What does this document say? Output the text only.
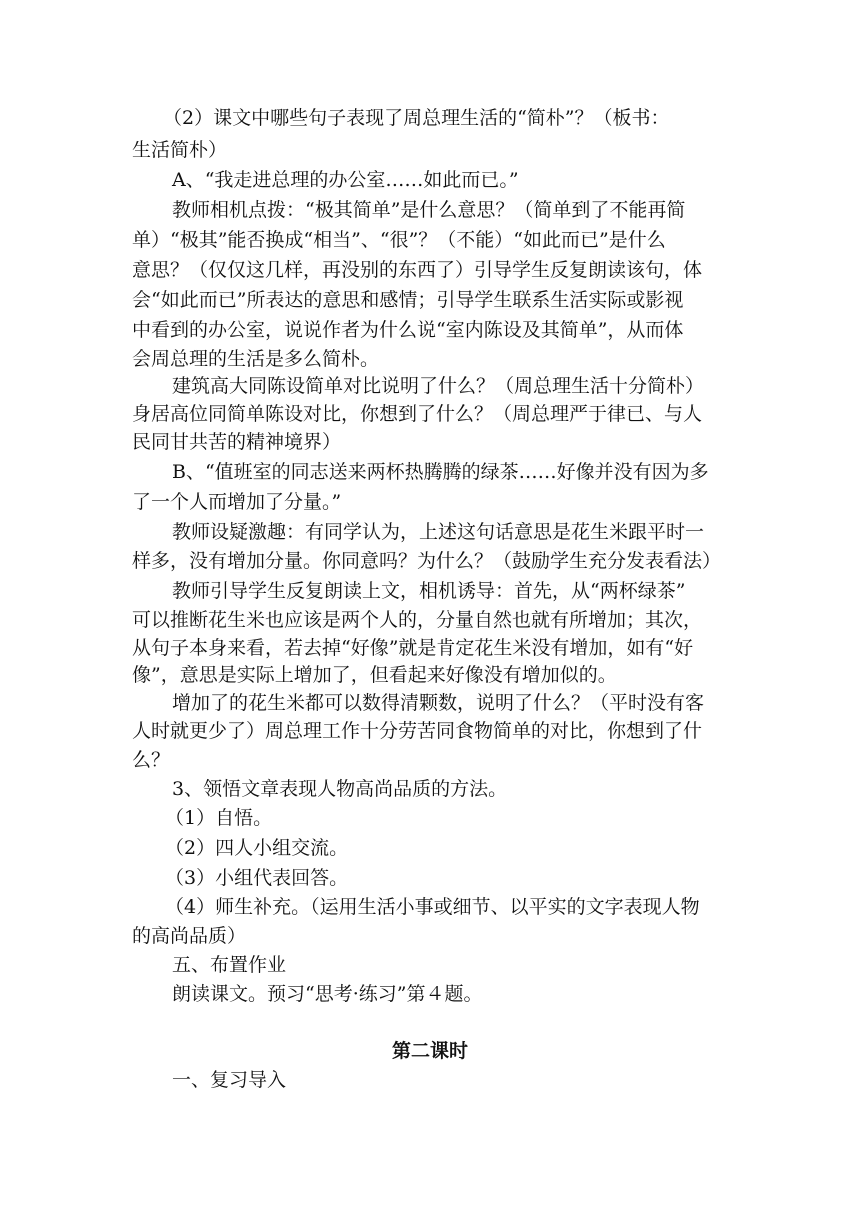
（2）课文中哪些句子表现了周总理生活的“简朴”？（板书：
生活简朴）
A、“我走进总理的办公室……如此而已。”
教师相机点拨：“极其简单”是什么意思？（简单到了不能再简
单）“极其”能否换成“相当”、“很”？（不能）“如此而已”是什么
意思？（仅仅这几样，再没别的东西了）引导学生反复朗读该句，体
会“如此而已”所表达的意思和感情；引导学生联系生活实际或影视
中看到的办公室，说说作者为什么说“室内陈设及其简单”，从而体
会周总理的生活是多么简朴。
建筑高大同陈设简单对比说明了什么？（周总理生活十分简朴）
身居高位同简单陈设对比，你想到了什么？（周总理严于律已、与人
民同甘共苦的精神境界）
B、“值班室的同志送来两杯热腾腾的绿茶……好像并没有因为多
了一个人而增加了分量。”
教师设疑激趣：有同学认为，上述这句话意思是花生米跟平时一
样多，没有增加分量。你同意吗？为什么？（鼓励学生充分发表看法）
教师引导学生反复朗读上文，相机诱导：首先，从“两杯绿茶”
可以推断花生米也应该是两个人的，分量自然也就有所增加；其次，
从句子本身来看，若去掉“好像”就是肯定花生米没有增加，如有“好
像”，意思是实际上增加了，但看起来好像没有增加似的。
增加了的花生米都可以数得清颗数，说明了什么？（平时没有客
人时就更少了）周总理工作十分劳苦同食物简单的对比，你想到了什
么？
3、领悟文章表现人物高尚品质的方法。
（1）自悟。
（2）四人小组交流。
（3）小组代表回答。
（4）师生补充。（运用生活小事或细节、以平实的文字表现人物
的高尚品质）
五、布置作业
朗读课文。预习“思考·练习”第４题。
第二课时
一、复习导入
